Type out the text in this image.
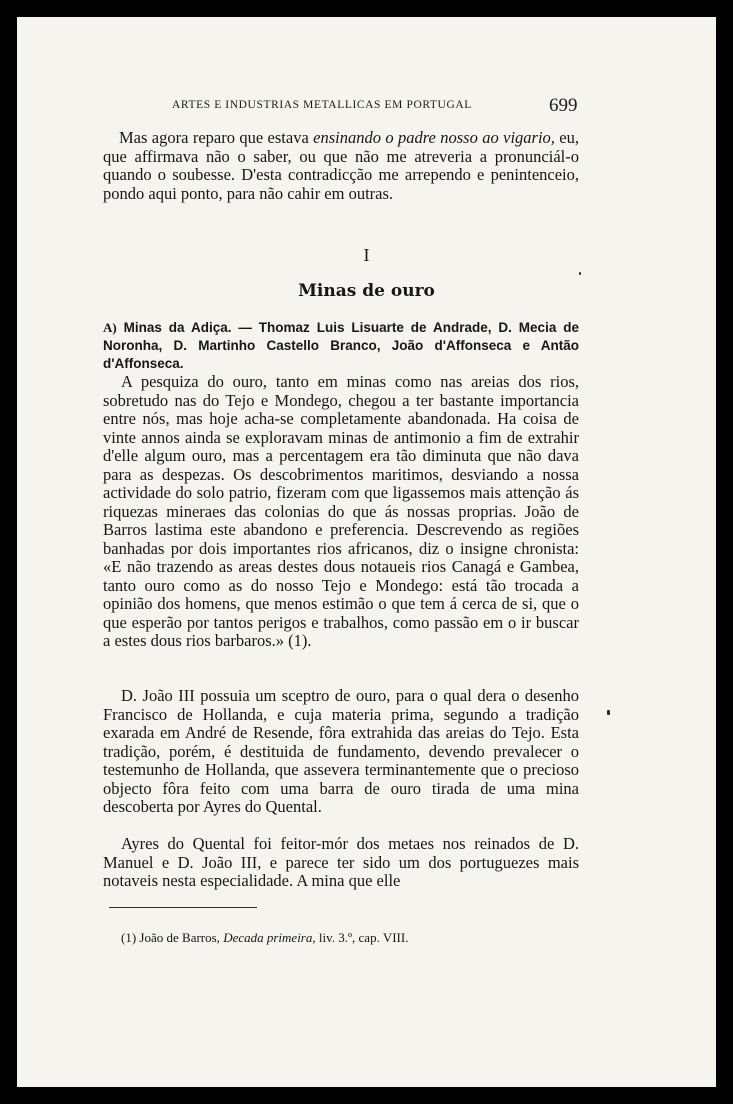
ARTES E INDUSTRIAS METALLICAS EM PORTUGAL	699

Mas agora reparo que estava ensinando o padre nosso ao vigario, eu, que affirmava não o saber, ou que não me atreveria a pronunciál-o quando o soubesse. D'esta contradicção me arrependo e penintenceio, pondo aqui ponto, para não cahir em outras.

I
Minas de ouro

A) Minas da Adiça. — Thomaz Luis Lisuarte de Andrade, D. Mecia de Noronha, D. Martinho Castello Branco, João d'Affonseca e Antão d'Affonseca.

A pesquiza do ouro, tanto em minas como nas areias dos rios, sobretudo nas do Tejo e Mondego, chegou a ter bastante importancia entre nós, mas hoje acha-se completamente abandonada. Ha coisa de vinte annos ainda se exploravam minas de antimonio a fim de extrahir d'elle algum ouro, mas a percentagem era tão diminuta que não dava para as despezas. Os descobrimentos maritimos, desviando a nossa actividade do solo patrio, fizeram com que ligassemos mais attenção ás riquezas mineraes das colonias do que ás nossas proprias. João de Barros lastima este abandono e preferencia. Descrevendo as regiões banhadas por dois importantes rios africanos, diz o insigne chronista: «E não trazendo as areas destes dous notaueis rios Canagá e Gambea, tanto ouro como as do nosso Tejo e Mondego: está tão trocada a opinião dos homens, que menos estimão o que tem á cerca de si, que o que esperão por tantos perigos e trabalhos, como passão em o ir buscar a estes dous rios barbaros.» (1).

D. João III possuia um sceptro de ouro, para o qual dera o desenho Francisco de Hollanda, e cuja materia prima, segundo a tradição exarada em André de Resende, fôra extrahida das areias do Tejo. Esta tradição, porém, é destituida de fundamento, devendo prevalecer o testemunho de Hollanda, que assevera terminantemente que o precioso objecto fôra feito com uma barra de ouro tirada de uma mina descoberta por Ayres do Quental.

Ayres do Quental foi feitor-mór dos metaes nos reinados de D. Manuel e D. João III, e parece ter sido um dos portuguezes mais notaveis nesta especialidade. A mina que elle

(1) João de Barros, Decada primeira, liv. 3.º, cap. VIII.
